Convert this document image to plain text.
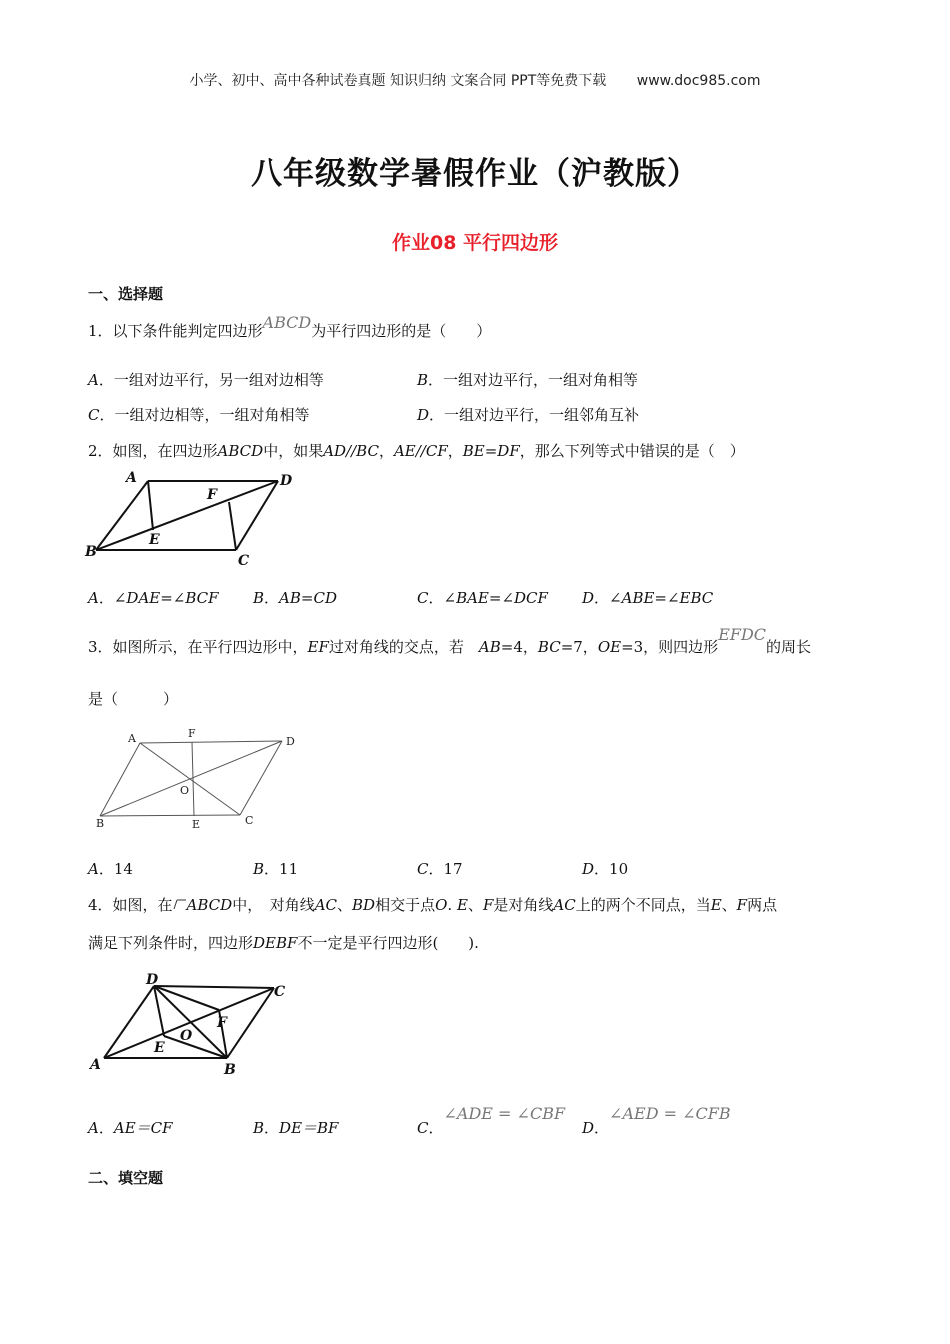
小学、初中、高中各种试卷真题 知识归纳 文案合同 PPT等免费下载 www.doc985.com
八年级数学暑假作业（沪教版）
作业08 平行四边形
一、选择题
1．以下条件能判定四边形ABCD为平行四边形的是（　　）
A．一组对边平行，另一组对边相等	B．一组对边平行，一组对角相等
C．一组对边相等，一组对角相等	D．一组对边平行，一组邻角互补
2．如图，在四边形ABCD中，如果AD//BC，AE//CF，BE=DF，那么下列等式中错误的是（　）
A	D
F
B
E
C
A．∠DAE=∠BCF B．AB=CD	C．∠BAE=∠DCF D．∠ABE=∠EBC
3．如图所示，在平行四边形中，EF过对角线的交点，若　AB=4，BC=7，OE=3，则四边形EFDC的周长
是（　　　）
A	F
D
O
B	E	C
A．14	B．11	C．17	D．10
4．如图，在 ABCD中，　对角线AC、BD相交于点O. E、F是对角线AC上的两个不同点，当E、F两点
满足下列条件时，四边形DEBF不一定是平行四边形(　　).
D
C
F
O
E
A	B
A．AE＝CF	B．DE＝BF	C．∠ADE = ∠CBF
D．∠AED = ∠CFB
二、填空题
